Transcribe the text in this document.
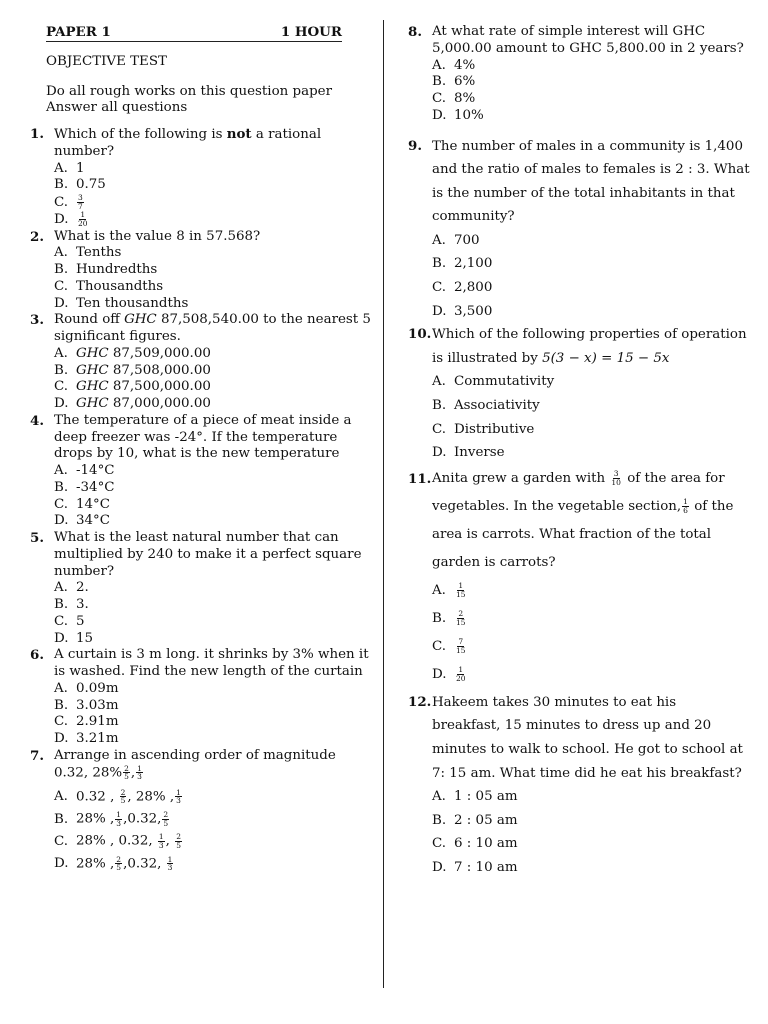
PAPER 1	1 HOUR
OBJECTIVE TEST
Do all rough works on this question paper
Answer all questions
1. Which of the following is not a rational number?
A. 1
B. 0.75
C. $\frac{3}{7}$
D. $\frac{1}{20}$
2. What is the value 8 in 57.568?
A. Tenths
B. Hundredths
C. Thousandths
D. Ten thousandths
3. Round off GHC 87,508,540.00 to the nearest 5 significant figures.
A. GHC 87,509,000.00
B. GHC 87,508,000.00
C. GHC 87,500,000.00
D. GHC 87,000,000.00
4. The temperature of a piece of meat inside a deep freezer was -24°. If the temperature drops by 10, what is the new temperature
A. -14°C
B. -34°C
C. 14°C
D. 34°C
5. What is the least natural number that can multiplied by 240 to make it a perfect square number?
A. 2.
B. 3.
C. 5
D. 15
6. A curtain is 3 m long. it shrinks by 3% when it is washed. Find the new length of the curtain
A. 0.09m
B. 3.03m
C. 2.91m
D. 3.21m
7. Arrange in ascending order of magnitude
0.32, $28\% \frac{2}{5}$ , $\frac{1}{3}$
A. 0.32 , $\frac{2}{5}$ , 28% , $\frac{1}{3}$
B. 28% , $\frac{1}{3} ,0.32$, $\frac{2}{5}$
C. 28% , 0.32, $\frac{1}{3}$ , $\frac{2}{5}$
D. 28% , $\frac{2}{5} ,0.32$, $\frac{1}{3}$
8. At what rate of simple interest will GHC 5,000.00 amount to GHC 5,800.00 in 2 years?
A. 4%
B. 6%
C. 8%
D. 10%
9. The number of males in a community is 1,400
and the ratio of males to females is 2 : 3. What
is the number of the total inhabitants in that
community?
A. 700
B. 2,100
C. 2,800
D. 3,500
10. Which of the following properties of operation
is illustrated by 5(3 − x) = 15 − 5x
A. Commutativity
B. Associativity
C. Distributive
D. Inverse
11. Anita grew a garden with $\frac{3}{10}$ of the area for
vegetables. In the vegetable section, $\frac{1}{6}$ of the
area is carrots. What fraction of the total
garden is carrots?
A. $\frac{1}{15}$
B. $\frac{2}{15}$
C. $\frac{7}{15}$
D. $\frac{1}{20}$
12. Hakeem takes 30 minutes to eat his
breakfast, 15 minutes to dress up and 20
minutes to walk to school. He got to school at
7: 15 am. What time did he eat his breakfast?
A. 1 : 05 am
B. 2 : 05 am
C. 6 : 10 am
D. 7 : 10 am
